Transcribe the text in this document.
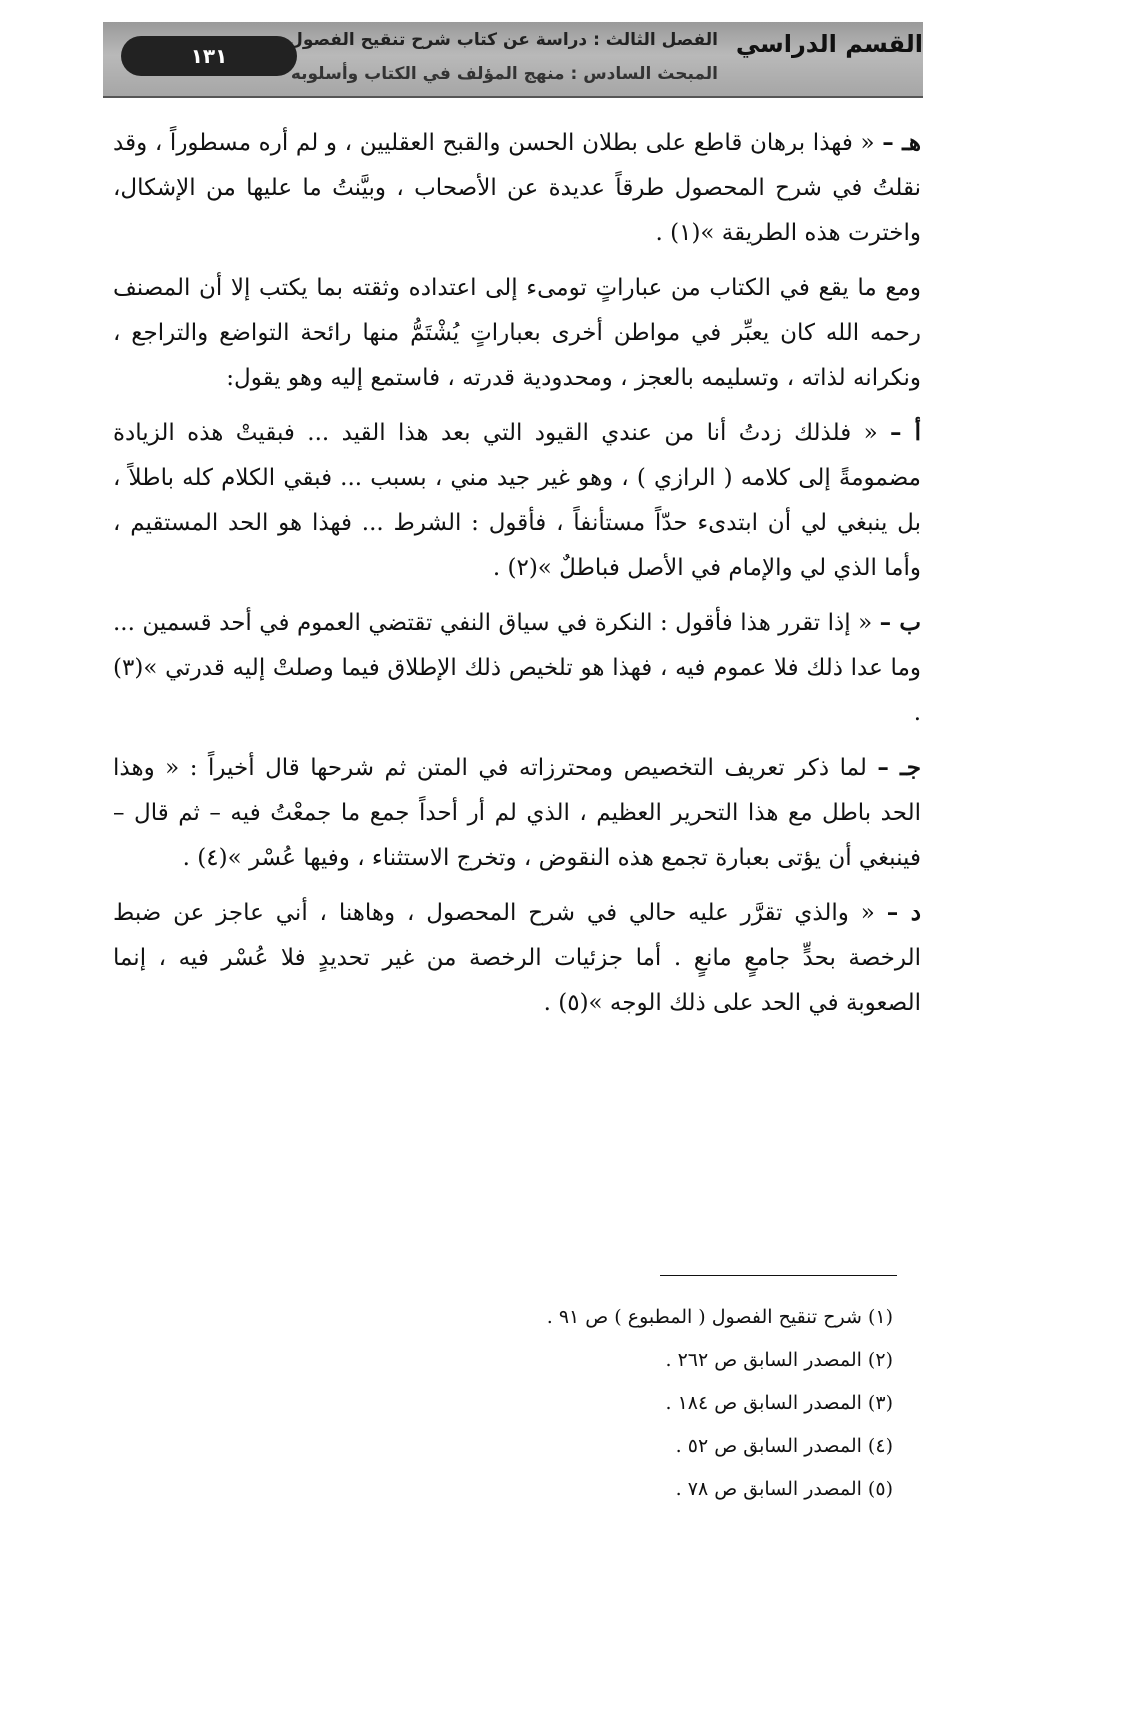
١٣١	القسم الدراسي
الفصل الثالث : دراسة عن كتاب شرح تنقيح الفصول
المبحث السادس : منهج المؤلف في الكتاب وأسلوبه

هـ – « فهذا برهان قاطع على بطلان الحسن والقبح العقليين ، و لم أره مسطوراً ، وقد نقلتُ في شرح المحصول طرقاً عديدة عن الأصحاب ، وبيَّنتُ ما عليها من الإشكال، واخترت هذه الطريقة »(١) .

ومع ما يقع في الكتاب من عباراتٍ تومىء إلى اعتداده وثقته بما يكتب إلا أن المصنف رحمه الله كان يعبِّر في مواطن أخرى بعباراتٍ يُشْتَمُّ منها رائحة التواضع والتراجع ، ونكرانه لذاته ، وتسليمه بالعجز ، ومحدودية قدرته ، فاستمع إليه وهو يقول:

أ – « فلذلك زدتُ أنا من عندي القيود التي بعد هذا القيد ... فبقيتْ هذه الزيادة مضمومةً إلى كلامه ( الرازي ) ، وهو غير جيد مني ، بسبب ... فبقي الكلام كله باطلاً ، بل ينبغي لي أن ابتدىء حدّاً مستأنفاً ، فأقول : الشرط ... فهذا هو الحد المستقيم ، وأما الذي لي والإمام في الأصل فباطلٌ »(٢) .

ب – « إذا تقرر هذا فأقول : النكرة في سياق النفي تقتضي العموم في أحد قسمين ... وما عدا ذلك فلا عموم فيه ، فهذا هو تلخيص ذلك الإطلاق فيما وصلتْ إليه قدرتي »(٣) .

جـ – لما ذكر تعريف التخصيص ومحترزاته في المتن ثم شرحها قال أخيراً : « وهذا الحد باطل مع هذا التحرير العظيم ، الذي لم أر أحداً جمع ما جمعْتُ فيه – ثم قال – فينبغي أن يؤتى بعبارة تجمع هذه النقوض ، وتخرج الاستثناء ، وفيها عُسْر »(٤) .

د – « والذي تقرَّر عليه حالي في شرح المحصول ، وهاهنا ، أني عاجز عن ضبط الرخصة بحدٍّ جامعٍ مانعٍ . أما جزئيات الرخصة من غير تحديدٍ فلا عُسْر فيه ، إنما الصعوبة في الحد على ذلك الوجه »(٥) .

(١) شرح تنقيح الفصول ( المطبوع ) ص ٩١ .
(٢) المصدر السابق ص ٢٦٢ .
(٣) المصدر السابق ص ١٨٤ .
(٤) المصدر السابق ص ٥٢ .
(٥) المصدر السابق ص ٧٨ .
